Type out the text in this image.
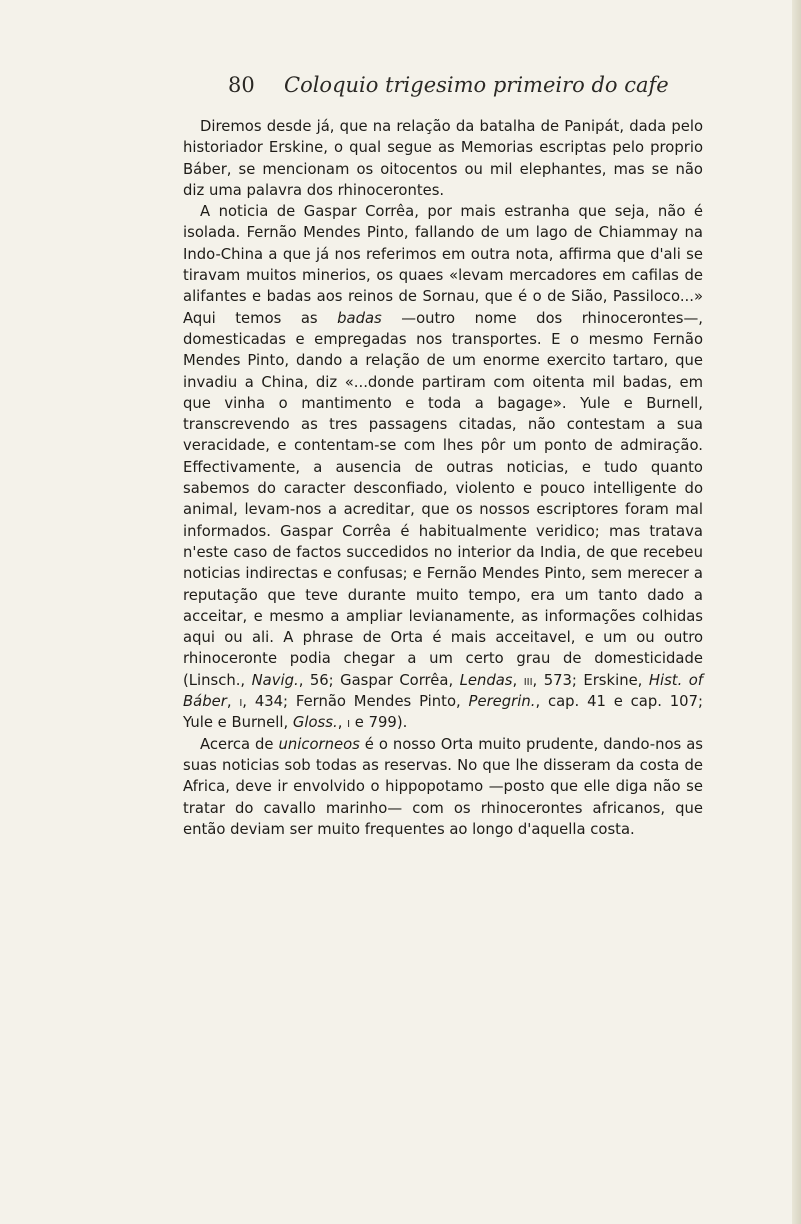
80 Coloquio trigesimo primeiro do cafe

Diremos desde já, que na relação da batalha de Panipát, dada pelo historiador Erskine, o qual segue as Memorias escriptas pelo proprio Báber, se mencionam os oitocentos ou mil elephantes, mas se não diz uma palavra dos rhinocerontes.

A noticia de Gaspar Corrêa, por mais estranha que seja, não é isolada. Fernão Mendes Pinto, fallando de um lago de Chiammay na Indo-China a que já nos referimos em outra nota, affirma que d'ali se tiravam muitos minerios, os quaes «levam mercadores em cafilas de alifantes e badas aos reinos de Sornau, que é o de Sião, Passiloco...» Aqui temos as badas —outro nome dos rhinocerontes—, domesticadas e empregadas nos transportes. E o mesmo Fernão Mendes Pinto, dando a relação de um enorme exercito tartaro, que invadiu a China, diz «...donde partiram com oitenta mil badas, em que vinha o mantimento e toda a bagage». Yule e Burnell, transcrevendo as tres passagens citadas, não contestam a sua veracidade, e contentam-se com lhes pôr um ponto de admiração. Effectivamente, a ausencia de outras noticias, e tudo quanto sabemos do caracter desconfiado, violento e pouco intelligente do animal, levam-nos a acreditar, que os nossos escriptores foram mal informados. Gaspar Corrêa é habitualmente veridico; mas tratava n'este caso de factos succedidos no interior da India, de que recebeu noticias indirectas e confusas; e Fernão Mendes Pinto, sem merecer a reputação que teve durante muito tempo, era um tanto dado a acceitar, e mesmo a ampliar levianamente, as informações colhidas aqui ou ali. A phrase de Orta é mais acceitavel, e um ou outro rhinoceronte podia chegar a um certo grau de domesticidade (Linsch., Navig., 56; Gaspar Corrêa, Lendas, iii, 573; Erskine, Hist. of Báber, i, 434; Fernão Mendes Pinto, Peregrin., cap. 41 e cap. 107; Yule e Burnell, Gloss., i e 799).

Acerca de unicorneos é o nosso Orta muito prudente, dando-nos as suas noticias sob todas as reservas. No que lhe disseram da costa de Africa, deve ir envolvido o hippopotamo —posto que elle diga não se tratar do cavallo marinho— com os rhinocerontes africanos, que então deviam ser muito frequentes ao longo d'aquella costa.
